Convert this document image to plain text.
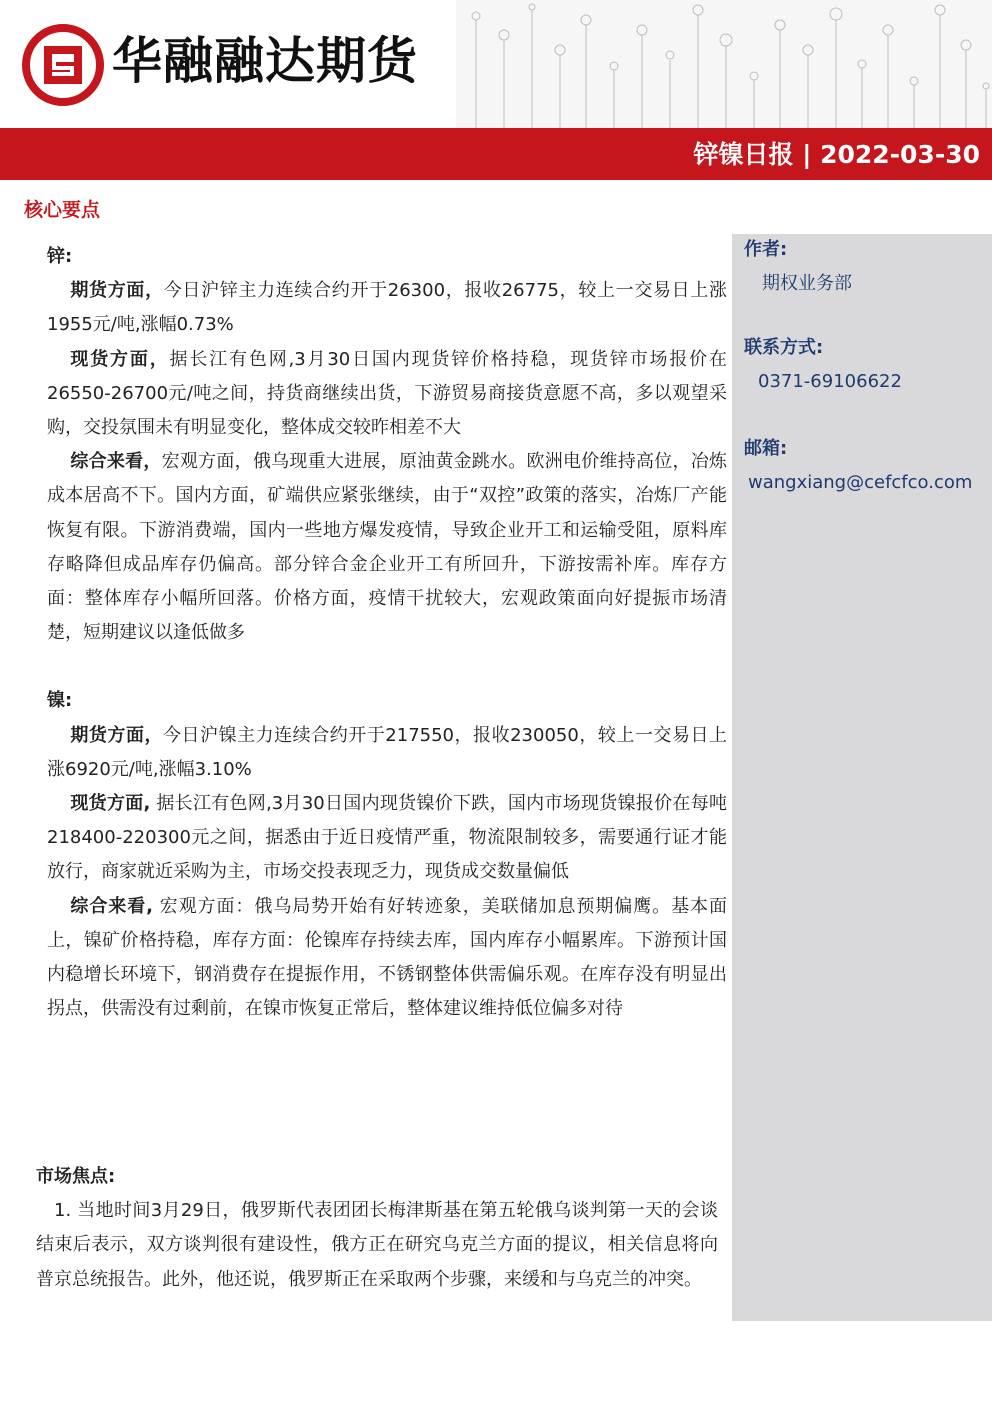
华融融达期货
锌镍日报 | 2022-03-30
核心要点
作者:
期权业务部
联系方式:
0371-69106622
邮箱:
wangxiang@cefcfco.com

锌:

期货方面，今日沪锌主力连续合约开于26300，报收26775，较上一交易日上涨1955元/吨,涨幅0.73%

现货方面，据长江有色网,3月30日国内现货锌价格持稳，现货锌市场报价在26550-26700元/吨之间，持货商继续出货，下游贸易商接货意愿不高，多以观望采购，交投氛围未有明显变化，整体成交较昨相差不大

综合来看，宏观方面，俄乌现重大进展，原油黄金跳水。欧洲电价维持高位，冶炼成本居高不下。国内方面，矿端供应紧张继续，由于“双控”政策的落实，冶炼厂产能恢复有限。下游消费端，国内一些地方爆发疫情，导致企业开工和运输受阻，原料库存略降但成品库存仍偏高。部分锌合金企业开工有所回升，下游按需补库。库存方面：整体库存小幅所回落。价格方面，疫情干扰较大，宏观政策面向好提振市场清楚，短期建议以逢低做多

镍:

期货方面，今日沪镍主力连续合约开于217550，报收230050，较上一交易日上涨6920元/吨,涨幅3.10%

现货方面, 据长江有色网,3月30日国内现货镍价下跌，国内市场现货镍报价在每吨218400-220300元之间，据悉由于近日疫情严重，物流限制较多，需要通行证才能放行，商家就近采购为主，市场交投表现乏力，现货成交数量偏低

综合来看, 宏观方面：俄乌局势开始有好转迹象，美联储加息预期偏鹰。基本面上，镍矿价格持稳，库存方面：伦镍库存持续去库，国内库存小幅累库。下游预计国内稳增长环境下，钢消费存在提振作用，不锈钢整体供需偏乐观。在库存没有明显出拐点，供需没有过剩前，在镍市恢复正常后，整体建议维持低位偏多对待

市场焦点:

1. 当地时间3月29日，俄罗斯代表团团长梅津斯基在第五轮俄乌谈判第一天的会谈结束后表示，双方谈判很有建设性，俄方正在研究乌克兰方面的提议，相关信息将向普京总统报告。此外，他还说，俄罗斯正在采取两个步骤，来缓和与乌克兰的冲突。
